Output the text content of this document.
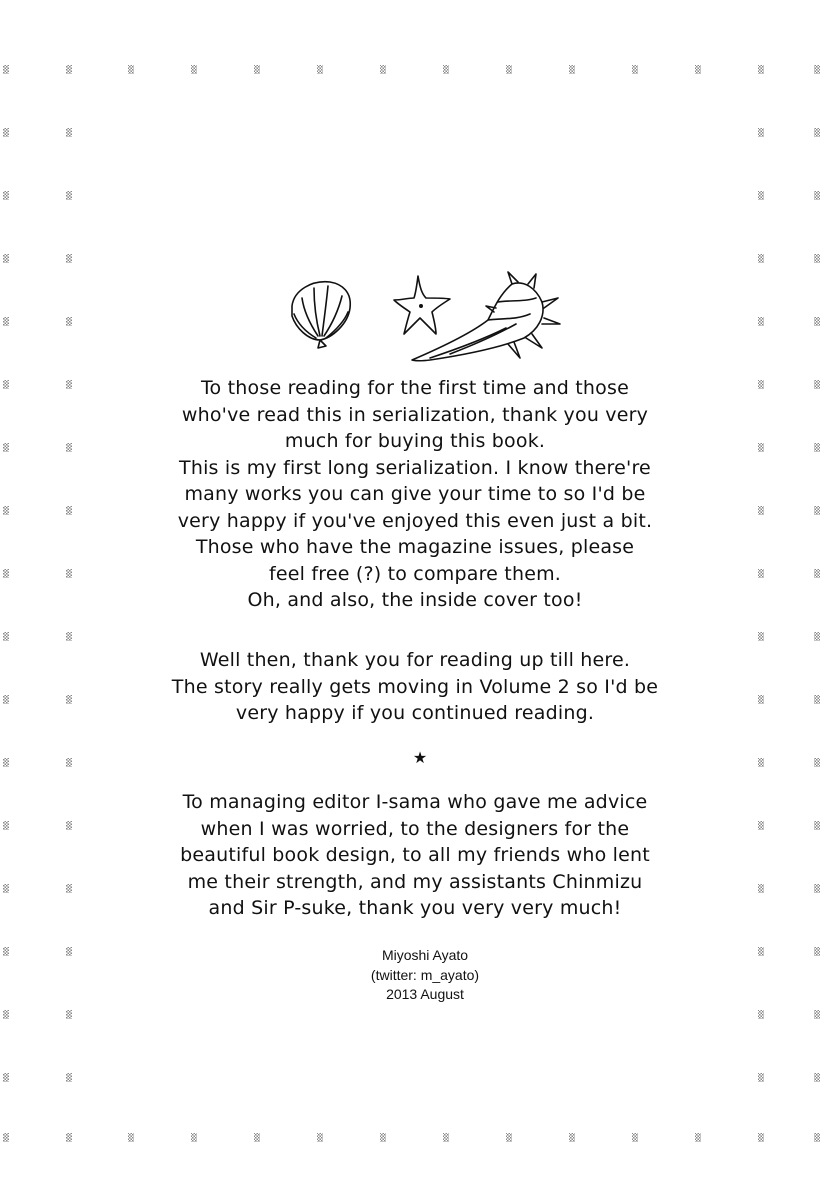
To those reading for the first time and those
who've read this in serialization, thank you very
much for buying this book.
This is my first long serialization. I know there're
many works you can give your time to so I'd be
very happy if you've enjoyed this even just a bit.
Those who have the magazine issues, please
feel free (?) to compare them.
Oh, and also, the inside cover too!
Well then, thank you for reading up till here.
The story really gets moving in Volume 2 so I'd be
very happy if you continued reading.
★
To managing editor I-sama who gave me advice
when I was worried, to the designers for the
beautiful book design, to all my friends who lent
me their strength, and my assistants Chinmizu
and Sir P-suke, thank you very very much!
Miyoshi Ayato
(twitter: m_ayato)
2013 August
